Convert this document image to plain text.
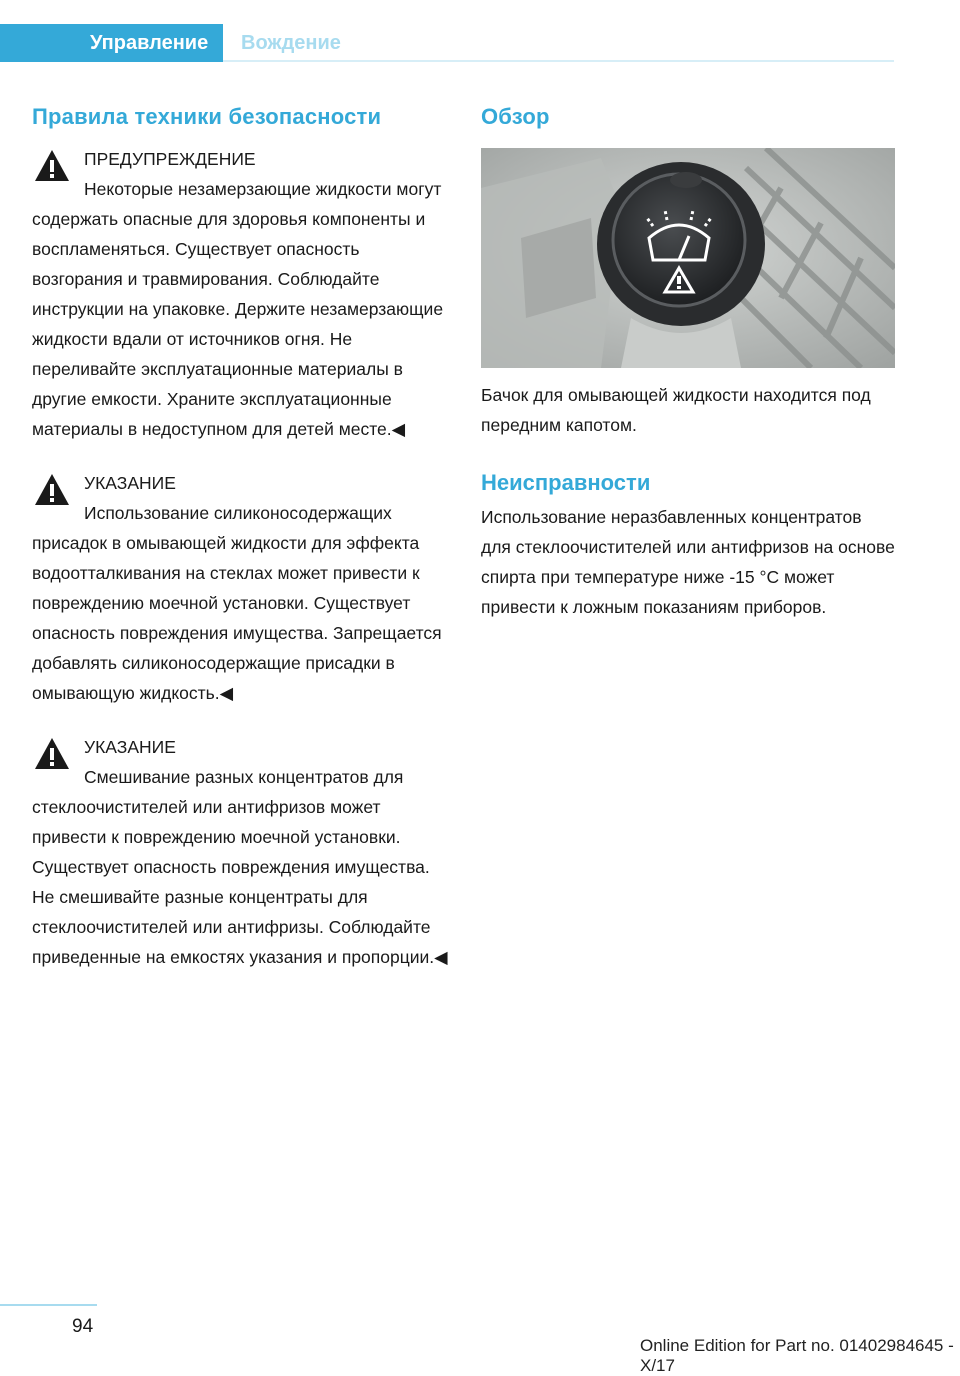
Управление Вождение
Правила техники безопасности
ПРЕДУПРЕЖДЕНИЕ

Некоторые незамерзающие жидкости могут содержать опасные для здоровья компоненты и воспламеняться. Существует опасность возгорания и травмирования. Соблюдайте инструкции на упаковке. Держите незамерзающие жидкости вдали от источников огня. Не переливайте эксплуатационные материалы в другие емкости. Храните эксплуатационные материалы в недоступном для детей месте.◀

УКАЗАНИЕ

Использование силиконосодержащих присадок в омывающей жидкости для эффекта водоотталкивания на стеклах может привести к повреждению моечной установки. Существует опасность повреждения имущества. Запрещается добавлять силиконосодержащие присадки в омывающую жидкость.◀

УКАЗАНИЕ

Смешивание разных концентратов для стеклоочистителей или антифризов может привести к повреждению моечной установки. Существует опасность повреждения имущества. Не смешивайте разные концентраты для стеклоочистителей или антифризы. Соблюдайте приведенные на емкостях указания и пропорции.◀

Обзор

Бачок для омывающей жидкости находится под передним капотом.

Неисправности

Использование неразбавленных концентратов для стеклоочистителей или антифризов на основе спирта при температуре ниже -15 °C может привести к ложным показаниям приборов.

94
Online Edition for Part no. 01402984645 - X/17
